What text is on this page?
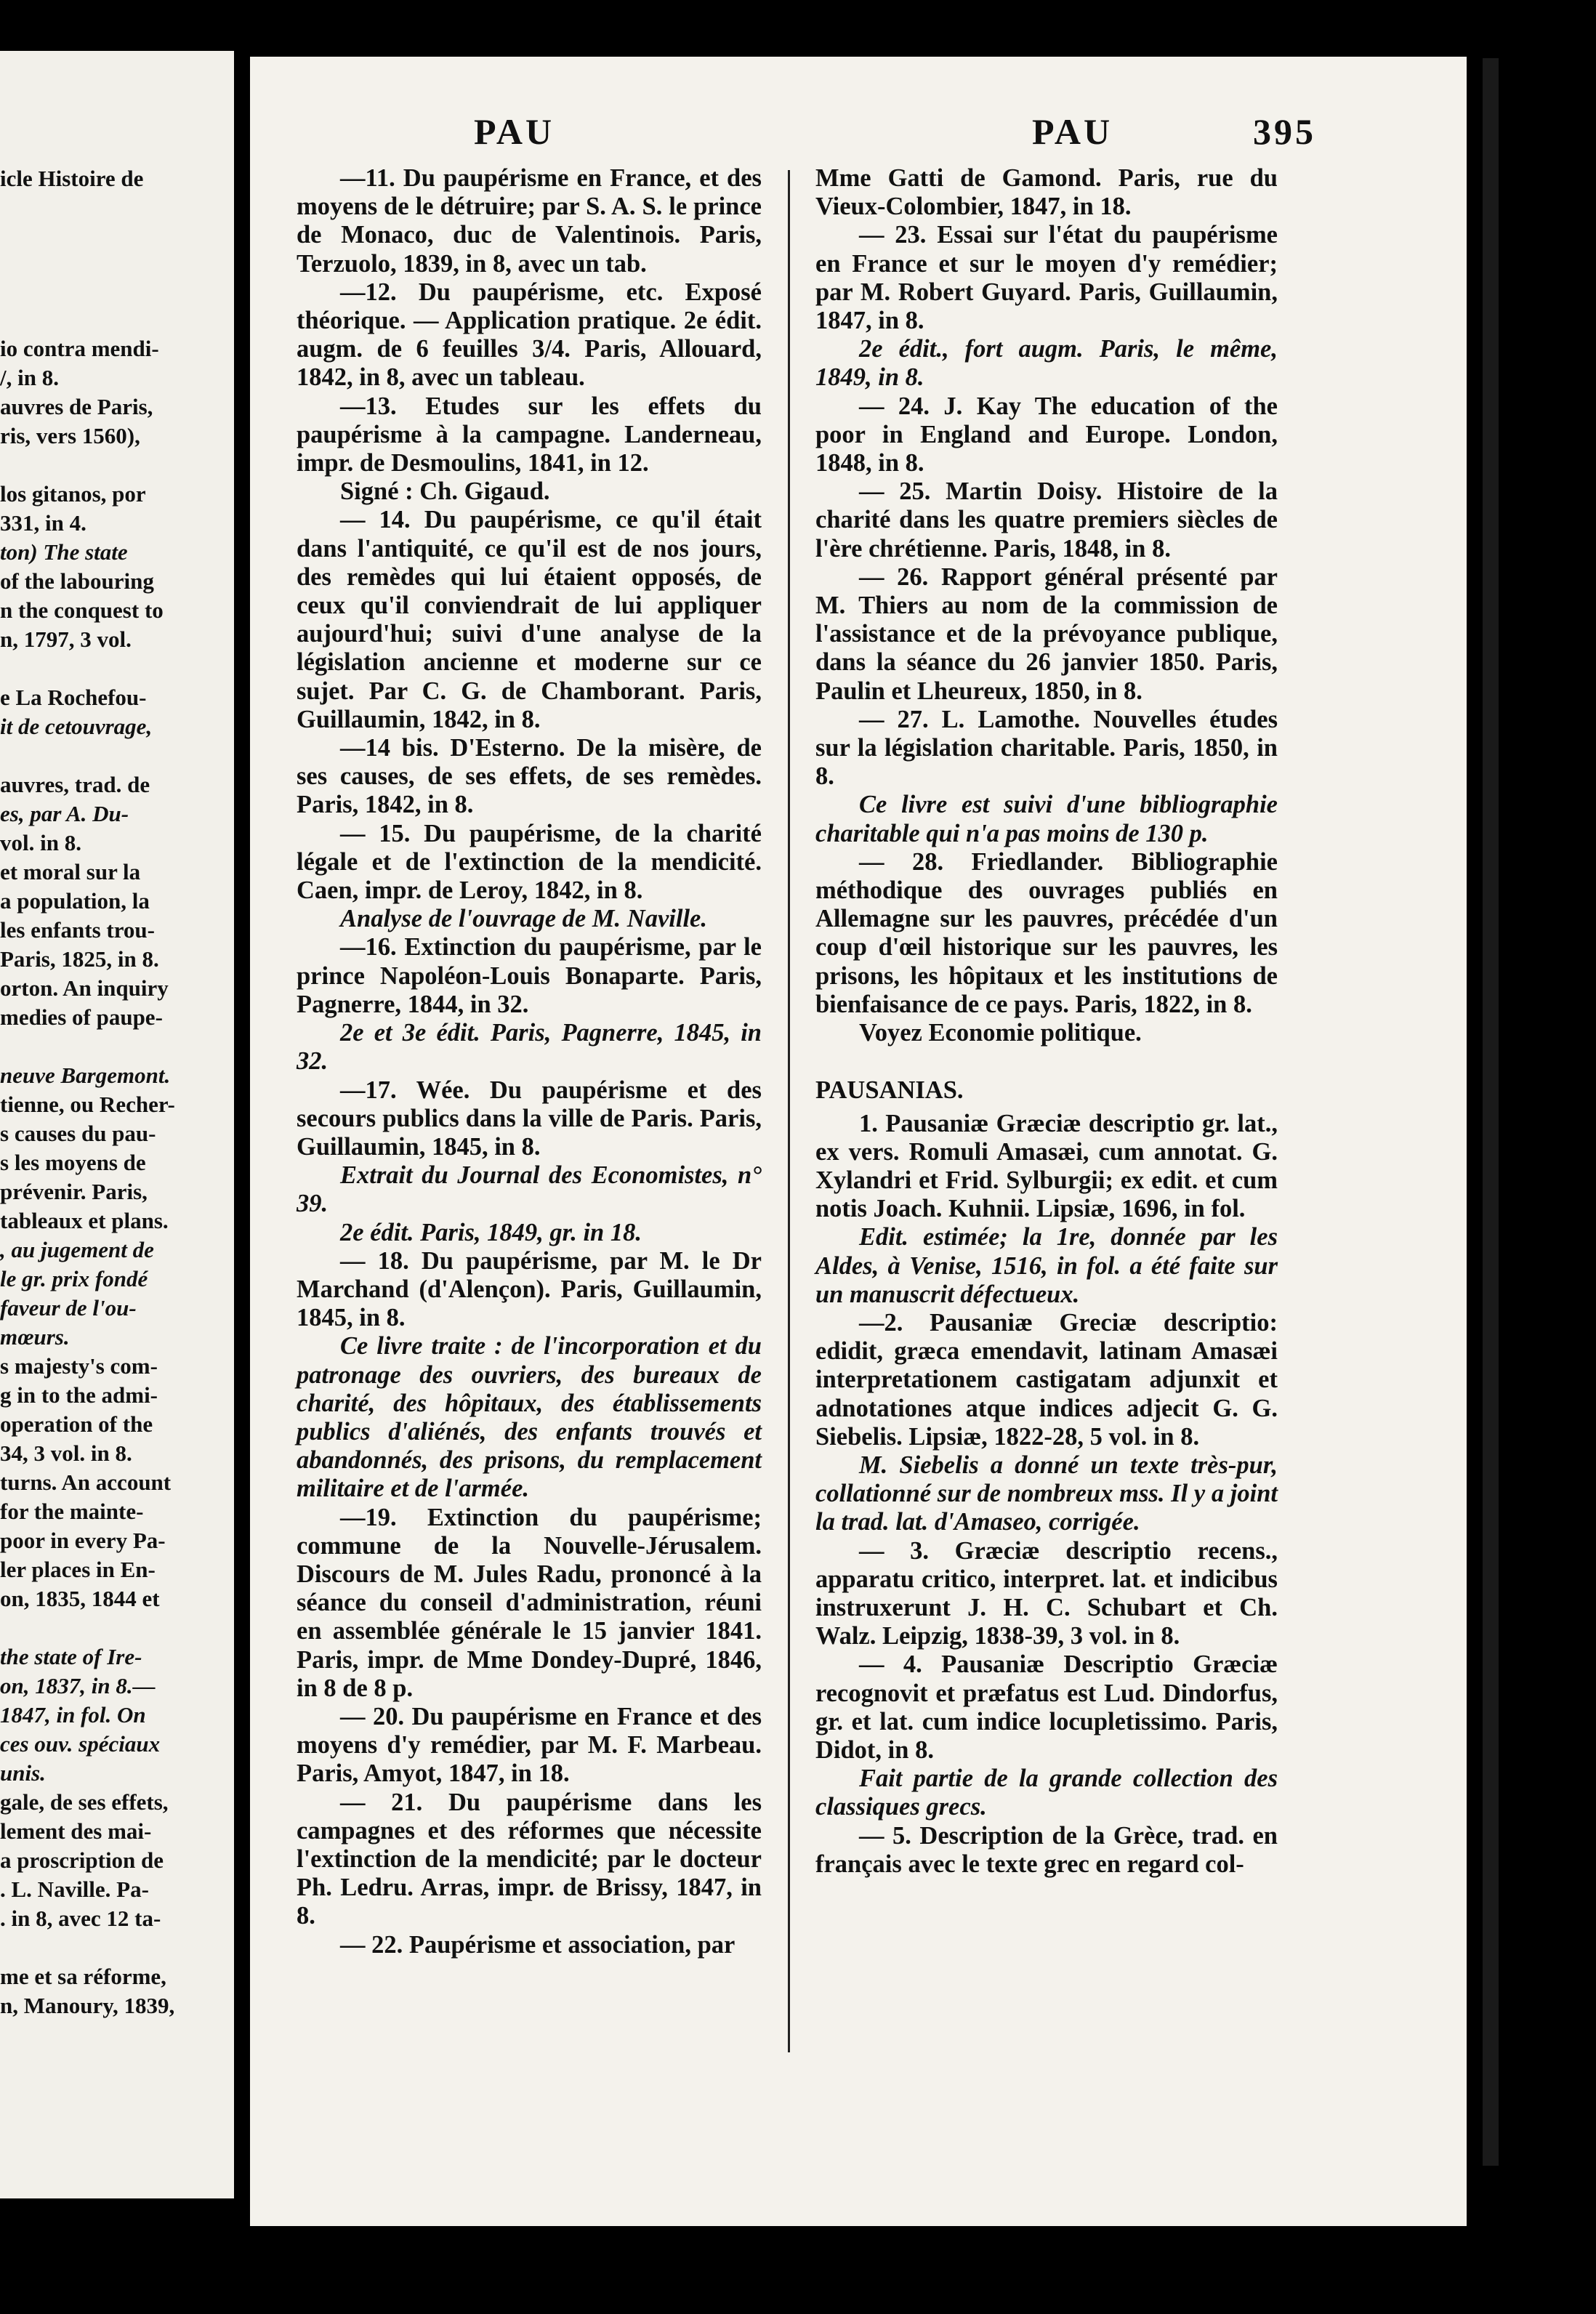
icle Histoire de
io contra mendi-
/, in 8.
auvres de Paris,
ris, vers 1560),
los gitanos, por
331, in 4.
ton) The state
of the labouring
n the conquest to
n, 1797, 3 vol.
e La Rochefou-
it de cetouvrage,
auvres, trad. de
es, par A. Du-
vol. in 8.
et moral sur la
a population, la
les enfants trou-
Paris, 1825, in 8.
orton. An inquiry
medies of paupe-
neuve Bargemont.
tienne, ou Recher-
s causes du pau-
s les moyens de
prévenir. Paris,
tableaux et plans.
, au jugement de
le gr. prix fondé
faveur de l'ou-
mœurs.
s majesty's com-
g in to the admi-
operation of the
34, 3 vol. in 8.
turns. An account
for the mainte-
poor in every Pa-
ler places in En-
on, 1835, 1844 et
the state of Ire-
on, 1837, in 8.—
1847, in fol. On
ces ouv. spéciaux
unis.
gale, de ses effets,
lement des mai-
a proscription de
. L. Naville. Pa-
. in 8, avec 12 ta-
me et sa réforme,
n, Manoury, 1839,
PAU	PAU	395

—11. Du paupérisme en France, et des moyens de le détruire; par S. A. S. le prince de Monaco, duc de Valentinois. Paris, Terzuolo, 1839, in 8, avec un tab.

—12. Du paupérisme, etc. Exposé théorique. — Application pratique. 2e édit. augm. de 6 feuilles 3/4. Paris, Allouard, 1842, in 8, avec un tableau.

—13. Etudes sur les effets du paupérisme à la campagne. Landerneau, impr. de Desmoulins, 1841, in 12.

Signé : Ch. Gigaud.

— 14. Du paupérisme, ce qu'il était dans l'antiquité, ce qu'il est de nos jours, des remèdes qui lui étaient opposés, de ceux qu'il conviendrait de lui appliquer aujourd'hui; suivi d'une analyse de la législation ancienne et moderne sur ce sujet. Par C. G. de Chamborant. Paris, Guillaumin, 1842, in 8.

—14 bis. D'Esterno. De la misère, de ses causes, de ses effets, de ses remèdes. Paris, 1842, in 8.

— 15. Du paupérisme, de la charité légale et de l'extinction de la mendicité. Caen, impr. de Leroy, 1842, in 8.

Analyse de l'ouvrage de M. Naville.

—16. Extinction du paupérisme, par le prince Napoléon-Louis Bonaparte. Paris, Pagnerre, 1844, in 32.

2e et 3e édit. Paris, Pagnerre, 1845, in 32.

—17. Wée. Du paupérisme et des secours publics dans la ville de Paris. Paris, Guillaumin, 1845, in 8.

Extrait du Journal des Economistes, n° 39.

2e édit. Paris, 1849, gr. in 18.

— 18. Du paupérisme, par M. le Dr Marchand (d'Alençon). Paris, Guillaumin, 1845, in 8.

Ce livre traite : de l'incorporation et du patronage des ouvriers, des bureaux de charité, des hôpitaux, des établissements publics d'aliénés, des enfants trouvés et abandonnés, des prisons, du remplacement militaire et de l'armée.

—19. Extinction du paupérisme; commune de la Nouvelle-Jérusalem. Discours de M. Jules Radu, prononcé à la séance du conseil d'administration, réuni en assemblée générale le 15 janvier 1841. Paris, impr. de Mme Dondey-Dupré, 1846, in 8 de 8 p.

— 20. Du paupérisme en France et des moyens d'y remédier, par M. F. Marbeau. Paris, Amyot, 1847, in 18.

— 21. Du paupérisme dans les campagnes et des réformes que nécessite l'extinction de la mendicité; par le docteur Ph. Ledru. Arras, impr. de Brissy, 1847, in 8.

— 22. Paupérisme et association, par

Mme Gatti de Gamond. Paris, rue du Vieux-Colombier, 1847, in 18.

— 23. Essai sur l'état du paupérisme en France et sur le moyen d'y remédier; par M. Robert Guyard. Paris, Guillaumin, 1847, in 8.

2e édit., fort augm. Paris, le même, 1849, in 8.

— 24. J. Kay The education of the poor in England and Europe. London, 1848, in 8.

— 25. Martin Doisy. Histoire de la charité dans les quatre premiers siècles de l'ère chrétienne. Paris, 1848, in 8.

— 26. Rapport général présenté par M. Thiers au nom de la commission de l'assistance et de la prévoyance publique, dans la séance du 26 janvier 1850. Paris, Paulin et Lheureux, 1850, in 8.

— 27. L. Lamothe. Nouvelles études sur la législation charitable. Paris, 1850, in 8.

Ce livre est suivi d'une bibliographie charitable qui n'a pas moins de 130 p.

— 28. Friedlander. Bibliographie méthodique des ouvrages publiés en Allemagne sur les pauvres, précédée d'un coup d'œil historique sur les pauvres, les prisons, les hôpitaux et les institutions de bienfaisance de ce pays. Paris, 1822, in 8.

Voyez Economie politique.

PAUSANIAS.

1. Pausaniæ Græciæ descriptio gr. lat., ex vers. Romuli Amasæi, cum annotat. G. Xylandri et Frid. Sylburgii; ex edit. et cum notis Joach. Kuhnii. Lipsiæ, 1696, in fol.

Edit. estimée; la 1re, donnée par les Aldes, à Venise, 1516, in fol. a été faite sur un manuscrit défectueux.

—2. Pausaniæ Greciæ descriptio: edidit, græca emendavit, latinam Amasæi interpretationem castigatam adjunxit et adnotationes atque indices adjecit G. G. Siebelis. Lipsiæ, 1822-28, 5 vol. in 8.

M. Siebelis a donné un texte très-pur, collationné sur de nombreux mss. Il y a joint la trad. lat. d'Amaseo, corrigée.

— 3. Græciæ descriptio recens., apparatu critico, interpret. lat. et indicibus instruxerunt J. H. C. Schubart et Ch. Walz. Leipzig, 1838-39, 3 vol. in 8.

— 4. Pausaniæ Descriptio Græciæ recognovit et præfatus est Lud. Dindorfus, gr. et lat. cum indice locupletissimo. Paris, Didot, in 8.

Fait partie de la grande collection des classiques grecs.

— 5. Description de la Grèce, trad. en français avec le texte grec en regard col-
